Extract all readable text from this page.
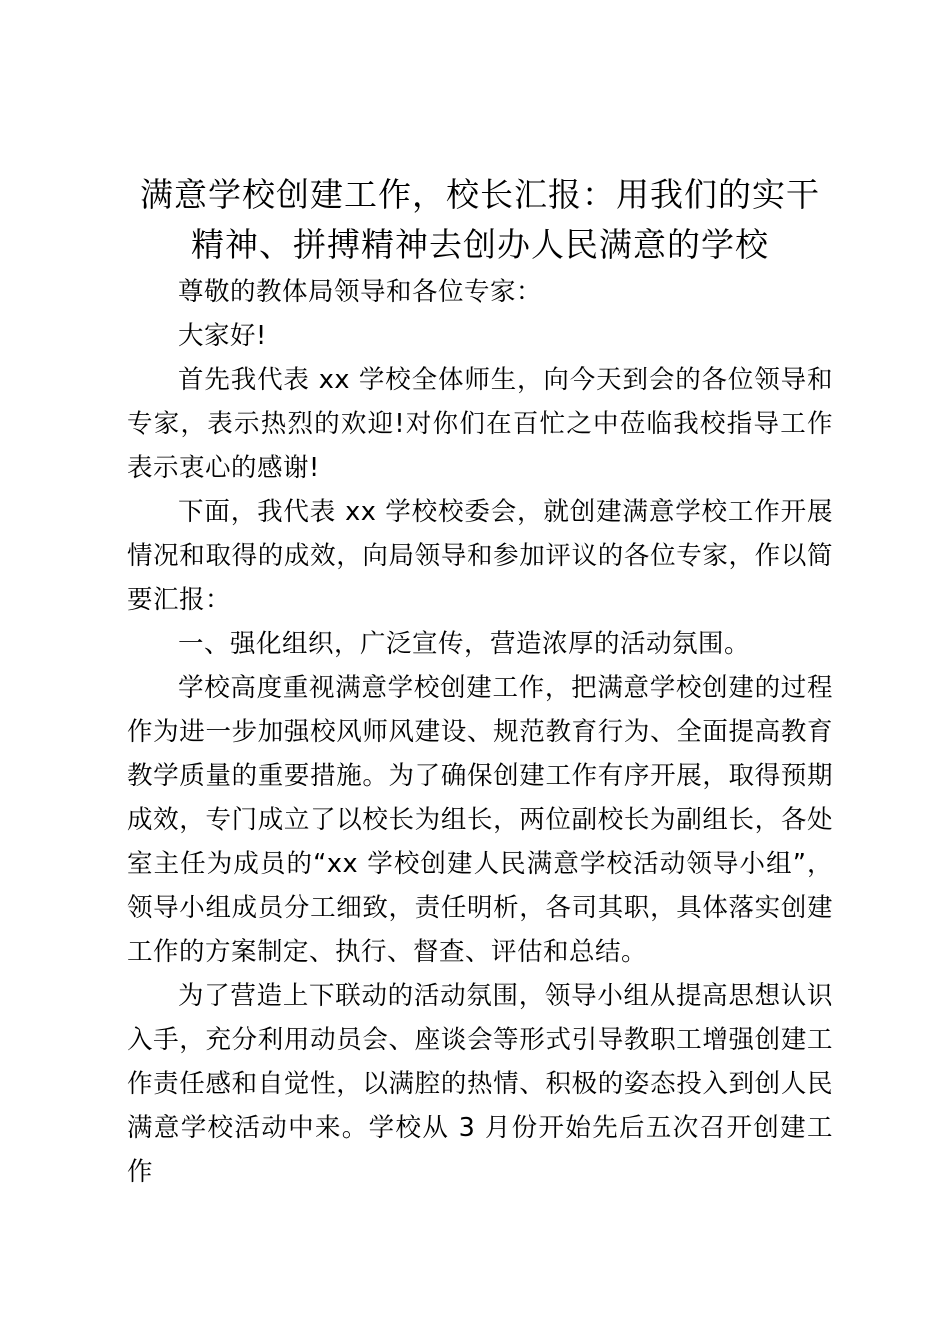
满意学校创建工作，校长汇报：用我们的实干
精神、拼搏精神去创办人民满意的学校

尊敬的教体局领导和各位专家：

大家好!

首先我代表 xx 学校全体师生，向今天到会的各位领导和专家，表示热烈的欢迎!对你们在百忙之中莅临我校指导工作表示衷心的感谢!

下面，我代表 xx 学校校委会，就创建满意学校工作开展情况和取得的成效，向局领导和参加评议的各位专家，作以简要汇报：

一、强化组织，广泛宣传，营造浓厚的活动氛围。

学校高度重视满意学校创建工作，把满意学校创建的过程作为进一步加强校风师风建设、规范教育行为、全面提高教育教学质量的重要措施。为了确保创建工作有序开展，取得预期成效，专门成立了以校长为组长，两位副校长为副组长，各处室主任为成员的“xx 学校创建人民满意学校活动领导小组”，领导小组成员分工细致，责任明析，各司其职，具体落实创建工作的方案制定、执行、督查、评估和总结。

为了营造上下联动的活动氛围，领导小组从提高思想认识入手，充分利用动员会、座谈会等形式引导教职工增强创建工作责任感和自觉性，以满腔的热情、积极的姿态投入到创人民满意学校活动中来。学校从 3 月份开始先后五次召开创建工作
